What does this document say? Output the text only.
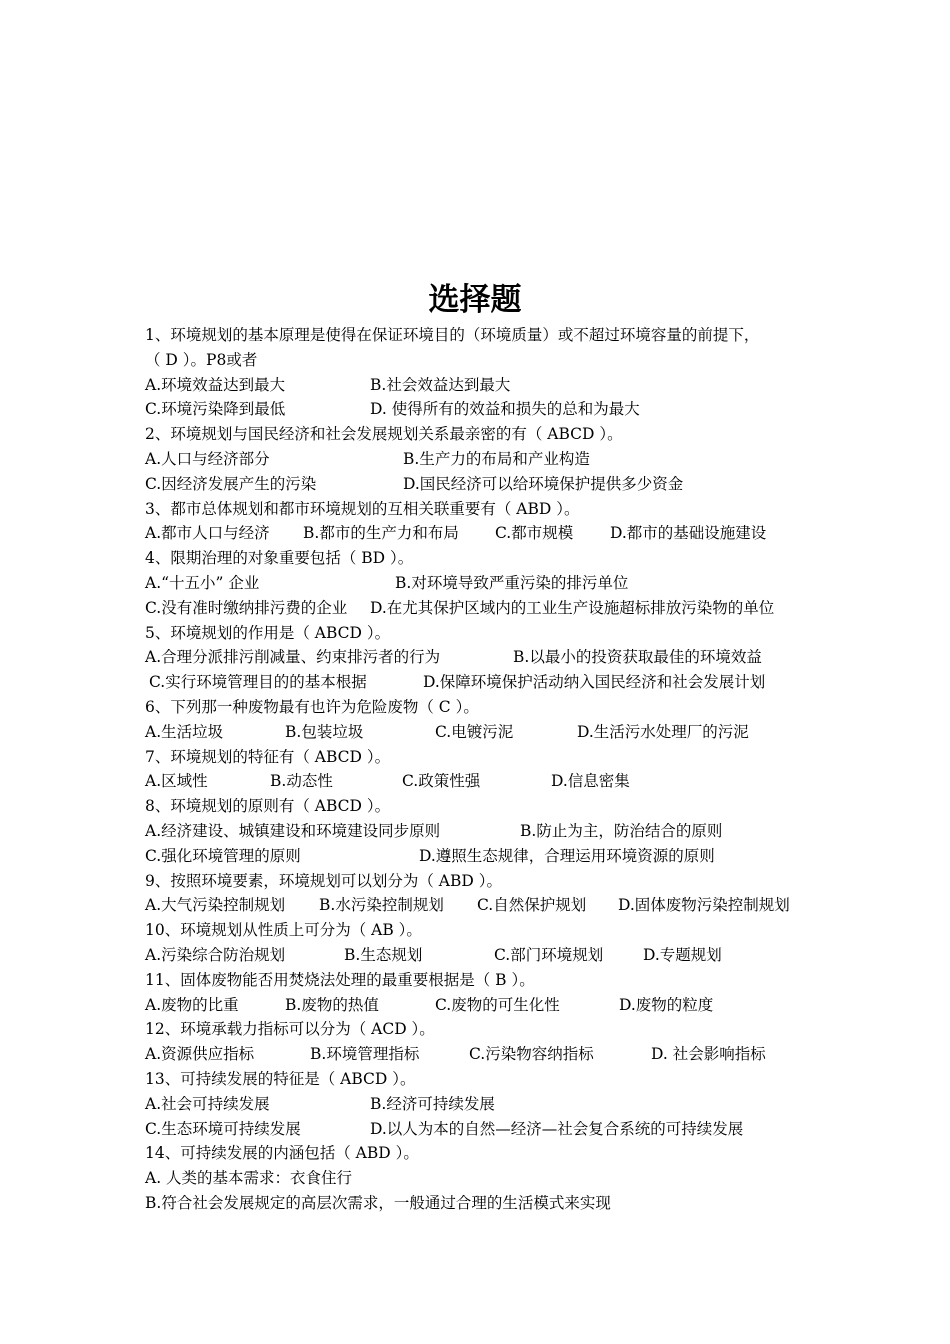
选择题
1、环境规划的基本原理是使得在保证环境目的（环境质量）或不超过环境容量的前提下，
（ D ）。P8或者
A.环境效益达到最大	B.社会效益达到最大
C.环境污染降到最低	D. 使得所有的效益和损失的总和为最大
2、环境规划与国民经济和社会发展规划关系最亲密的有（ ABCD ）。
A.人口与经济部分	B.生产力的布局和产业构造
C.因经济发展产生的污染	D.国民经济可以给环境保护提供多少资金
3、都市总体规划和都市环境规划的互相关联重要有（ ABD ）。
A.都市人口与经济 B.都市的生产力和布局 C.都市规模 D.都市的基础设施建设
4、限期治理的对象重要包括（ BD ）。
A.“十五小” 企业	B.对环境导致严重污染的排污单位
C.没有准时缴纳排污费的企业 D.在尤其保护区域内的工业生产设施超标排放污染物的单位
5、环境规划的作用是（ ABCD ）。
A.合理分派排污削减量、约束排污者的行为	B.以最小的投资获取最佳的环境效益
C.实行环境管理目的的基本根据	D.保障环境保护活动纳入国民经济和社会发展计划
6、下列那一种废物最有也许为危险废物（ C ）。
A.生活垃圾	B.包装垃圾	C.电镀污泥	D.生活污水处理厂的污泥
7、环境规划的特征有（ ABCD ）。
A.区域性	B.动态性	C.政策性强	D.信息密集
8、环境规划的原则有（ ABCD ）。
A.经济建设、城镇建设和环境建设同步原则	B.防止为主，防治结合的原则
C.强化环境管理的原则	D.遵照生态规律，合理运用环境资源的原则
9、按照环境要素，环境规划可以划分为（ ABD ）。
A.大气污染控制规划 B.水污染控制规划 C.自然保护规划 D.固体废物污染控制规划
10、环境规划从性质上可分为（ AB ）。
A.污染综合防治规划	B.生态规划	C.部门环境规划	D.专题规划
11、固体废物能否用焚烧法处理的最重要根据是（ B ）。
A.废物的比重	B.废物的热值	C.废物的可生化性	D.废物的粒度
12、环境承载力指标可以分为（ ACD ）。
A.资源供应指标	B.环境管理指标	C.污染物容纳指标	D. 社会影响指标
13、可持续发展的特征是（ ABCD ）。
A.社会可持续发展	B.经济可持续发展
C.生态环境可持续发展	D.以人为本的自然—经济—社会复合系统的可持续发展
14、可持续发展的内涵包括（ ABD ）。
A. 人类的基本需求：衣食住行
B.符合社会发展规定的高层次需求，一般通过合理的生活模式来实现
